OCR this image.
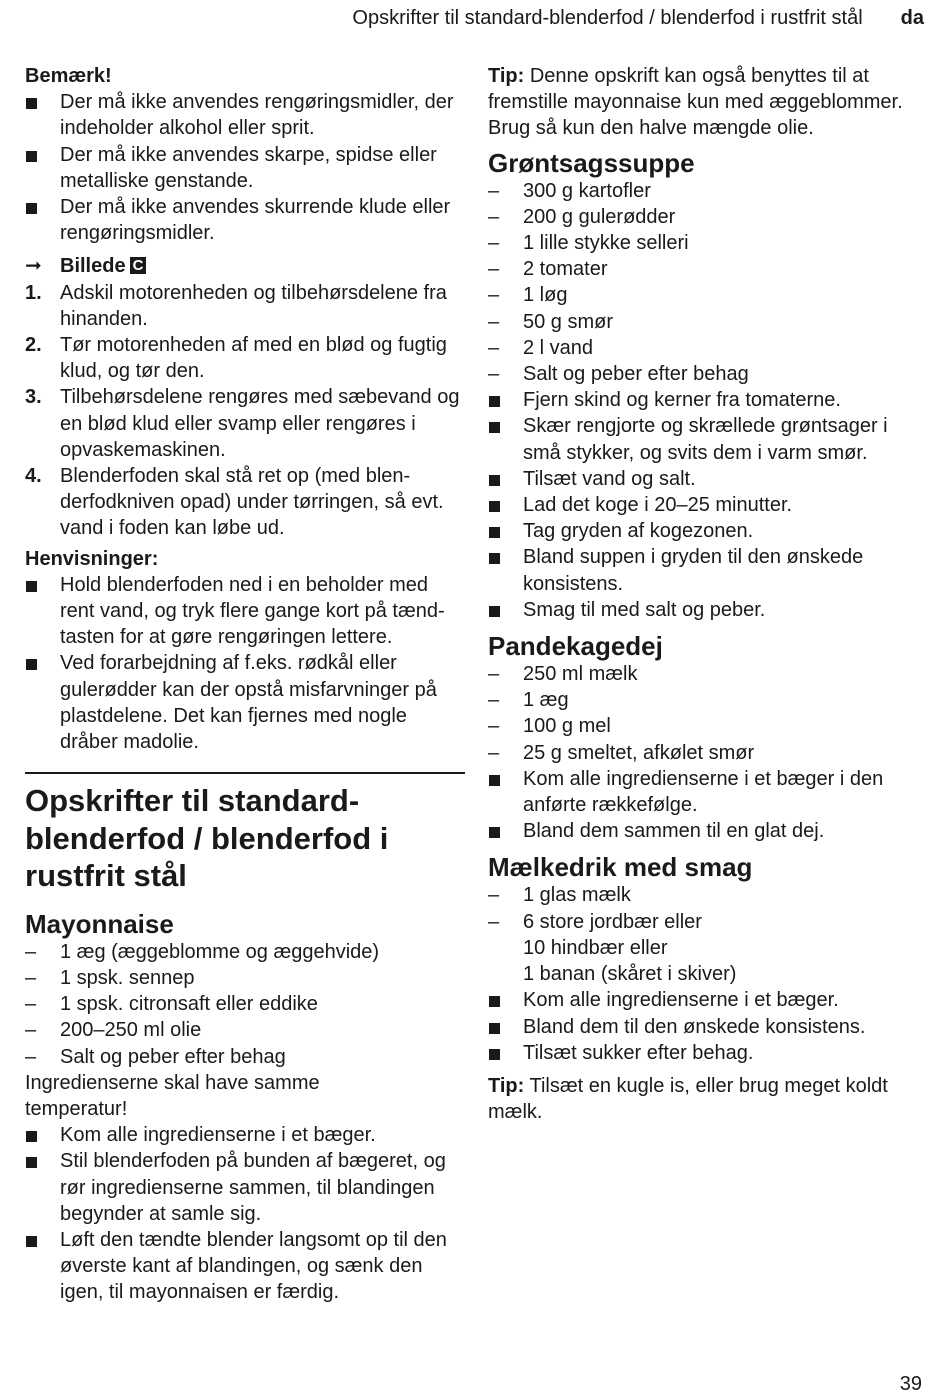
Opskrifter til standard-blenderfod / blenderfod i rustfrit stål da

Bemærk!

Der må ikke anvendes rengøringsmidler, der indeholder alkohol eller sprit.
Der må ikke anvendes skarpe, spidse eller metalliske genstande.
Der må ikke anvendes skurrende klude eller rengøringsmidler.
➞ Billede C
1. Adskil motorenheden og tilbehørsdelene fra hinanden.
2. Tør motorenheden af med en blød og fugtig klud, og tør den.
3. Tilbehørsdelene rengøres med sæbevand og en blød klud eller svamp eller rengøres i opvaskemaskinen.
4. Blenderfoden skal stå ret op (med blenderfodkniven opad) under tørringen, så evt. vand i foden kan løbe ud.

Henvisninger:

Hold blenderfoden ned i en beholder med rent vand, og tryk flere gange kort på tænd-tasten for at gøre rengøringen lettere.
Ved forarbejdning af f.eks. rødkål eller gulerødder kan der opstå misfarvninger på plastdelene. Det kan fjernes med nogle dråber madolie.
Opskrifter til standard-blenderfod / blenderfod i rustfrit stål
Mayonnaise
– 1 æg (æggeblomme og æggehvide)
– 1 spsk. sennep
– 1 spsk. citronsaft eller eddike
– 200–250 ml olie
– Salt og peber efter behag

Ingredienserne skal have samme temperatur!

Kom alle ingredienserne i et bæger.
Stil blenderfoden på bunden af bægeret, og rør ingredienserne sammen, til blandingen begynder at samle sig.
Løft den tændte blender langsomt op til den øverste kant af blandingen, og sænk den igen, til mayonnaisen er færdig.

Tip: Denne opskrift kan også benyttes til at fremstille mayonnaise kun med æggeblommer. Brug så kun den halve mængde olie.

Grøntsagssuppe
– 300 g kartofler
– 200 g gulerødder
– 1 lille stykke selleri
– 2 tomater
– 1 løg
– 50 g smør
– 2 l vand
– Salt og peber efter behag
Fjern skind og kerner fra tomaterne.
Skær rengjorte og skrællede grøntsager i små stykker, og svits dem i varm smør.
Tilsæt vand og salt.
Lad det koge i 20–25 minutter.
Tag gryden af kogezonen.
Bland suppen i gryden til den ønskede konsistens.
Smag til med salt og peber.
Pandekagedej
– 250 ml mælk
– 1 æg
– 100 g mel
– 25 g smeltet, afkølet smør
Kom alle ingredienserne i et bæger i den anførte rækkefølge.
Bland dem sammen til en glat dej.
Mælkedrik med smag
– 1 glas mælk
– 6 store jordbær eller
10 hindbær eller
1 banan (skåret i skiver)
Kom alle ingredienserne i et bæger.
Bland dem til den ønskede konsistens.
Tilsæt sukker efter behag.

Tip: Tilsæt en kugle is, eller brug meget koldt mælk.

39
